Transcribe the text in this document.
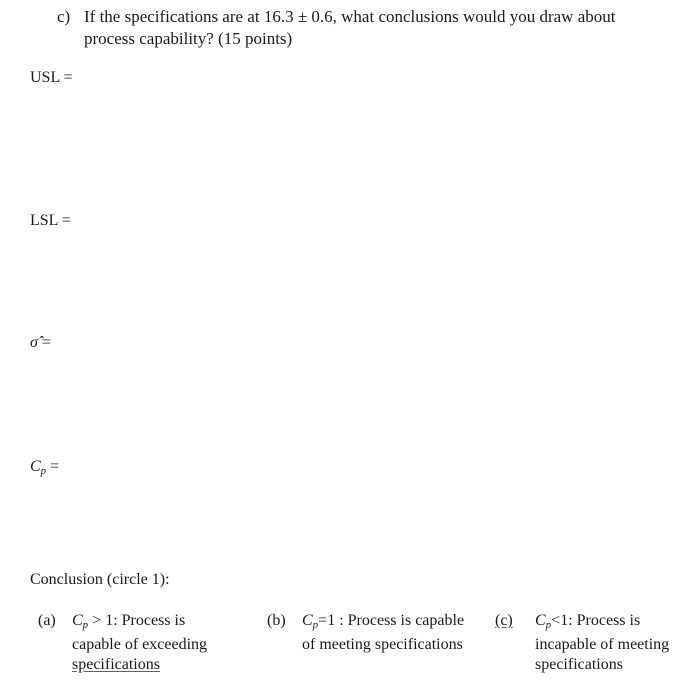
c) If the specifications are at 16.3 ± 0.6, what conclusions would you draw about
process capability? (15 points)
USL =
LSL =
σ̂ =
$C_p$ =
Conclusion (circle 1):
(a) $C_p > 1$: Process is
capable of exceeding
specifications
(b) $C_p=1$ : Process is capable
of meeting specifications
(c) $C_p<1$: Process is
incapable of meeting
specifications
